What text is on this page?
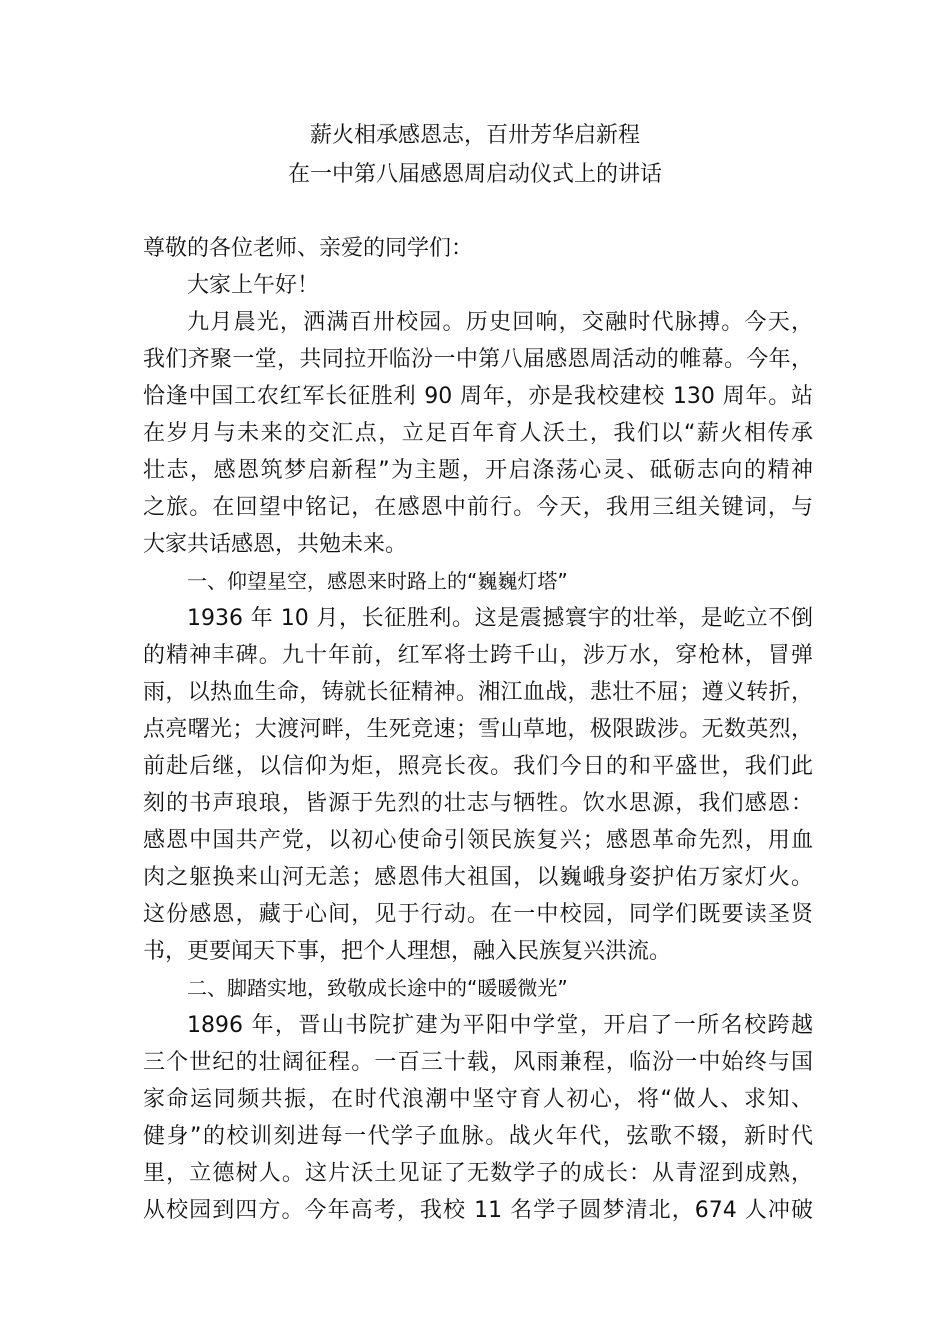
薪火相承感恩志，百卅芳华启新程
在一中第八届感恩周启动仪式上的讲话
尊敬的各位老师、亲爱的同学们：
大家上午好！
九月晨光，洒满百卅校园。历史回响，交融时代脉搏。今天，
我们齐聚一堂，共同拉开临汾一中第八届感恩周活动的帷幕。今年，
恰逢中国工农红军长征胜利 90 周年，亦是我校建校 130 周年。站
在岁月与未来的交汇点，立足百年育人沃土，我们以“薪火相传承
壮志，感恩筑梦启新程”为主题，开启涤荡心灵、砥砺志向的精神
之旅。在回望中铭记，在感恩中前行。今天，我用三组关键词，与
大家共话感恩，共勉未来。
一、仰望星空，感恩来时路上的“巍巍灯塔”
1936 年 10 月，长征胜利。这是震撼寰宇的壮举，是屹立不倒
的精神丰碑。九十年前，红军将士跨千山，涉万水，穿枪林，冒弹
雨，以热血生命，铸就长征精神。湘江血战，悲壮不屈；遵义转折，
点亮曙光；大渡河畔，生死竞速；雪山草地，极限跋涉。无数英烈，
前赴后继，以信仰为炬，照亮长夜。我们今日的和平盛世，我们此
刻的书声琅琅，皆源于先烈的壮志与牺牲。饮水思源，我们感恩：
感恩中国共产党，以初心使命引领民族复兴；感恩革命先烈，用血
肉之躯换来山河无恙；感恩伟大祖国，以巍峨身姿护佑万家灯火。
这份感恩，藏于心间，见于行动。在一中校园，同学们既要读圣贤
书，更要闻天下事，把个人理想，融入民族复兴洪流。
二、脚踏实地，致敬成长途中的“暖暖微光”
1896 年，晋山书院扩建为平阳中学堂，开启了一所名校跨越
三个世纪的壮阔征程。一百三十载，风雨兼程，临汾一中始终与国
家命运同频共振，在时代浪潮中坚守育人初心，将“做人、求知、
健身”的校训刻进每一代学子血脉。战火年代，弦歌不辍，新时代
里，立德树人。这片沃土见证了无数学子的成长：从青涩到成熟，
从校园到四方。今年高考，我校 11 名学子圆梦清北，674 人冲破
